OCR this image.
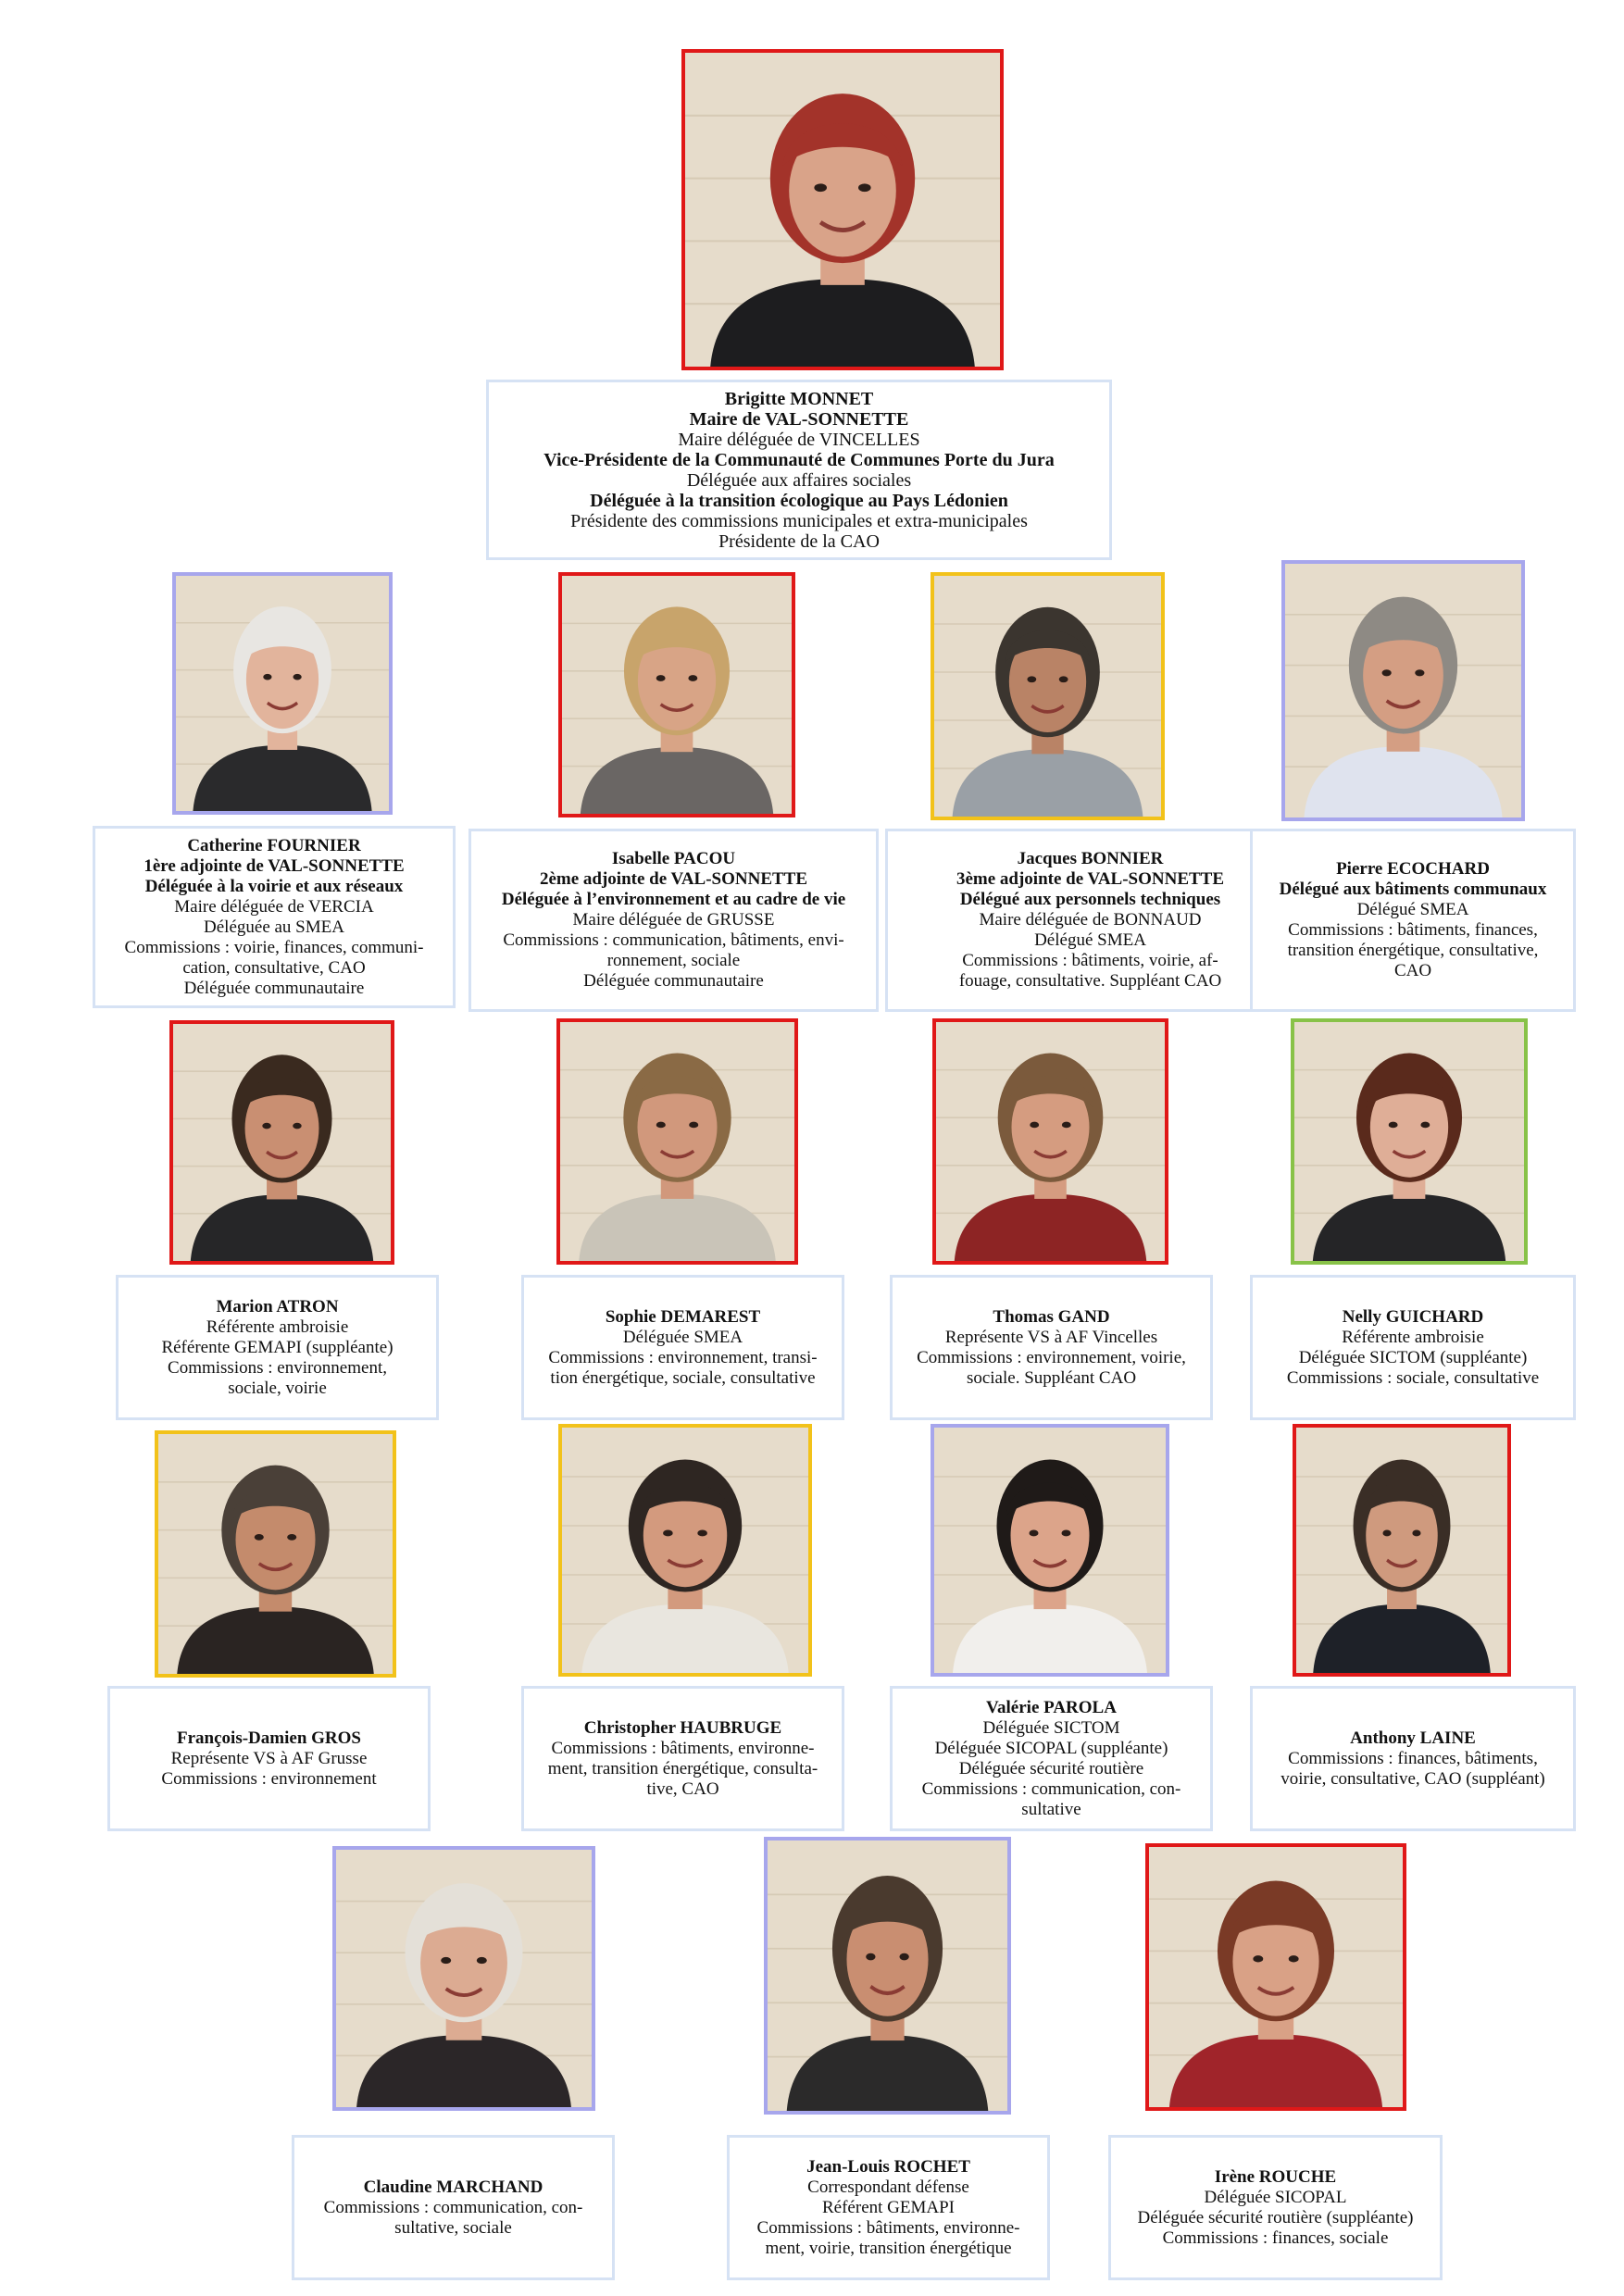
Brigitte MONNET
Maire de VAL-SONNETTE
Maire déléguée de VINCELLES
Vice-Présidente de la Communauté de Communes Porte du Jura
Déléguée aux affaires sociales
Déléguée à la transition écologique au Pays Lédonien
Présidente des commissions municipales et extra-municipales
Présidente de la CAO
Catherine FOURNIER
1ère adjointe de VAL-SONNETTE
Déléguée à la voirie et aux réseaux
Maire déléguée de VERCIA
Déléguée au SMEA
Commissions : voirie, finances, communi-
cation, consultative, CAO
Déléguée communautaire
Isabelle PACOU
2ème adjointe de VAL-SONNETTE
Déléguée à l’environnement et au cadre de vie
Maire déléguée de GRUSSE
Commissions : communication, bâtiments, envi-
ronnement, sociale
Déléguée communautaire
Jacques BONNIER
3ème adjointe de VAL-SONNETTE
Délégué aux personnels techniques
Maire déléguée de BONNAUD
Délégué SMEA
Commissions : bâtiments, voirie, af-
fouage, consultative. Suppléant CAO
Pierre ECOCHARD
Délégué aux bâtiments communaux
Délégué SMEA
Commissions : bâtiments, finances,
transition énergétique, consultative,
CAO
Marion ATRON
Référente ambroisie
Référente GEMAPI (suppléante)
Commissions : environnement,
sociale, voirie
Sophie DEMAREST
Déléguée SMEA
Commissions : environnement, transi-
tion énergétique, sociale, consultative
Thomas GAND
Représente VS à AF Vincelles
Commissions : environnement, voirie,
sociale. Suppléant CAO
Nelly GUICHARD
Référente ambroisie
Déléguée SICTOM (suppléante)
Commissions : sociale, consultative
François-Damien GROS
Représente VS à AF Grusse
Commissions : environnement
Christopher HAUBRUGE
Commissions : bâtiments, environne-
ment, transition énergétique, consulta-
tive, CAO
Valérie PAROLA
Déléguée SICTOM
Déléguée SICOPAL (suppléante)
Déléguée sécurité routière
Commissions : communication, con-
sultative
Anthony LAINE
Commissions : finances, bâtiments,
voirie, consultative, CAO (suppléant)
Claudine MARCHAND
Commissions : communication, con-
sultative, sociale
Jean-Louis ROCHET
Correspondant défense
Référent GEMAPI
Commissions : bâtiments, environne-
ment, voirie, transition énergétique
Irène ROUCHE
Déléguée SICOPAL
Déléguée sécurité routière (suppléante)
Commissions : finances, sociale
